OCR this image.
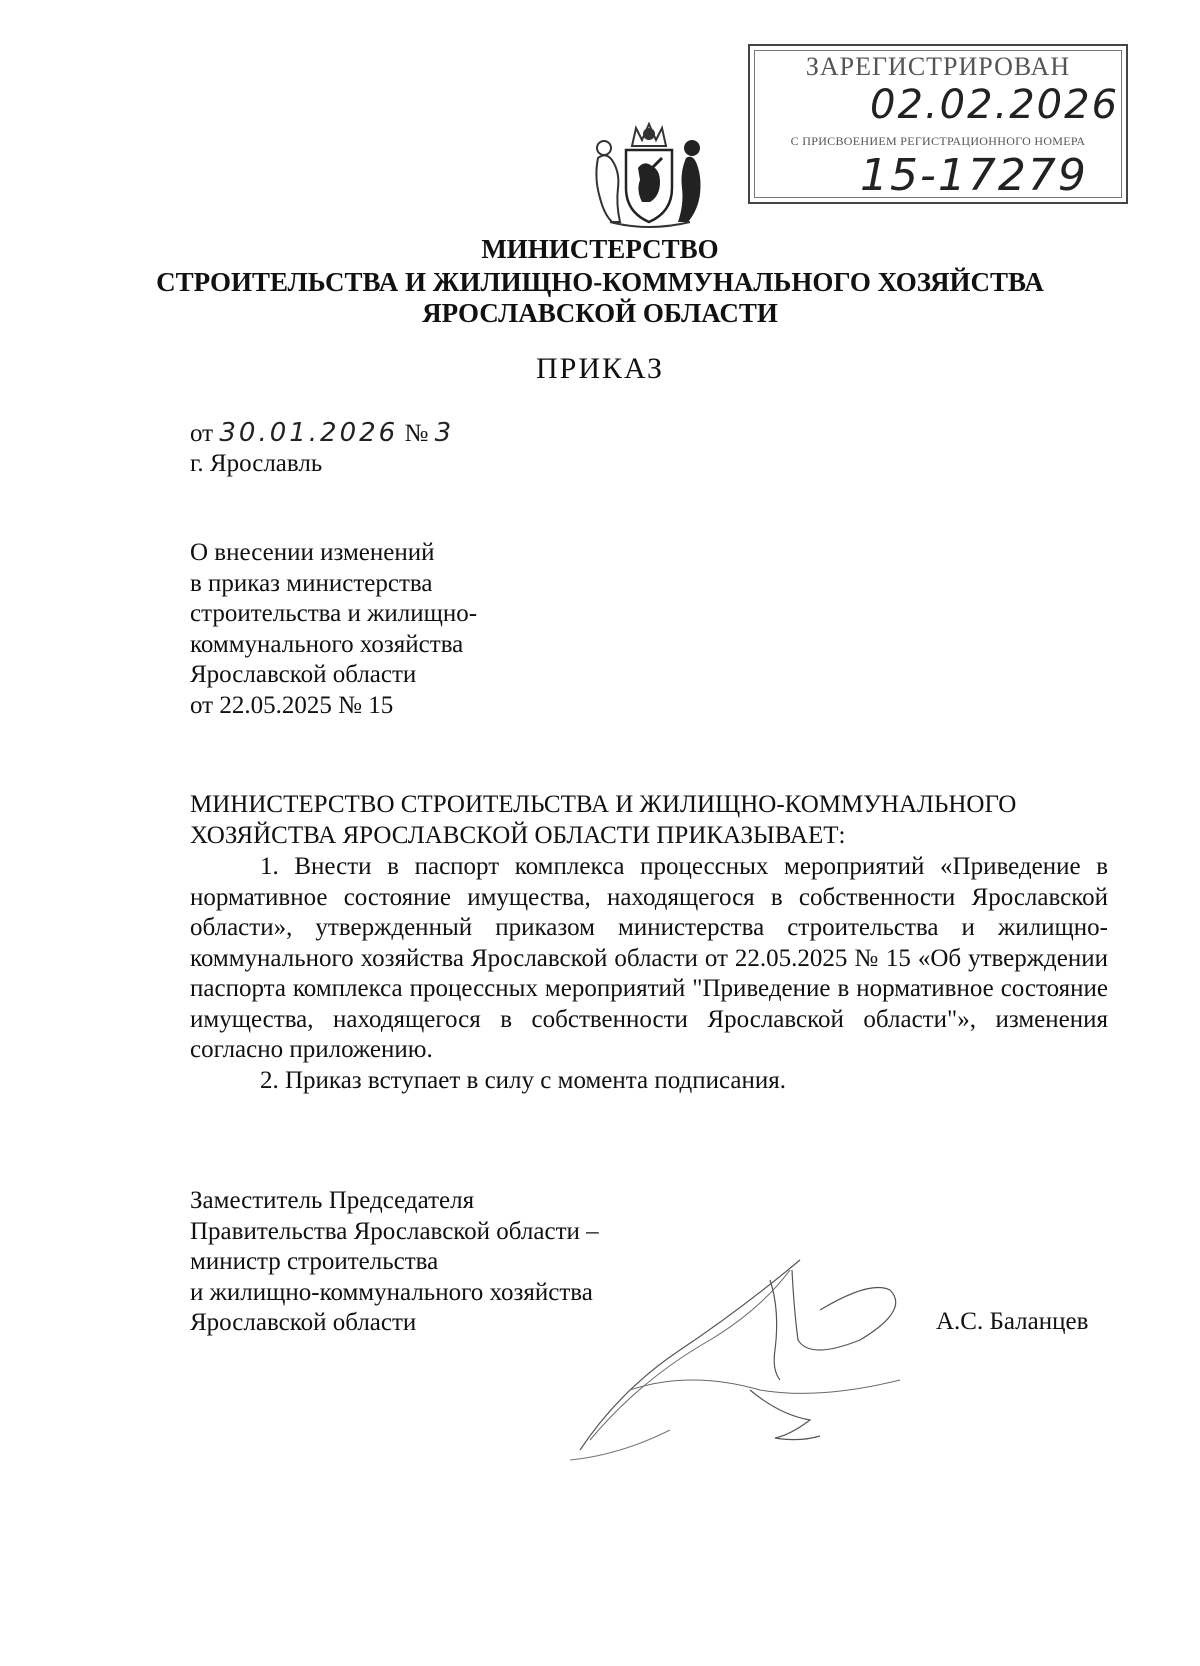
ЗАРЕГИСТРИРОВАН
02.02.2026
С ПРИСВОЕНИЕМ РЕГИСТРАЦИОННОГО НОМЕРА
15-17279
МИНИСТЕРСТВО
СТРОИТЕЛЬСТВА И ЖИЛИЩНО-КОММУНАЛЬНОГО ХОЗЯЙСТВА
ЯРОСЛАВСКОЙ ОБЛАСТИ
ПРИКАЗ
от 30.01.2026 № 3
г. Ярославль
О внесении изменений
в приказ министерства
строительства и жилищно-
коммунального хозяйства
Ярославской области
от 22.05.2025 № 15
МИНИСТЕРСТВО СТРОИТЕЛЬСТВА И ЖИЛИЩНО-КОММУНАЛЬНОГО
ХОЗЯЙСТВА ЯРОСЛАВСКОЙ ОБЛАСТИ ПРИКАЗЫВАЕТ:
1. Внести в паспорт комплекса процессных мероприятий «Приведение в нормативное состояние имущества, находящегося в собственности Ярославской области», утвержденный приказом министерства строительства и жилищно-коммунального хозяйства Ярославской области от 22.05.2025 № 15 «Об утверждении паспорта комплекса процессных мероприятий "Приведение в нормативное состояние имущества, находящегося в собственности Ярославской области"», изменения согласно приложению.
2. Приказ вступает в силу с момента подписания.
Заместитель Председателя
Правительства Ярославской области –
министр строительства
и жилищно-коммунального хозяйства
Ярославской области	А.С. Баланцев
